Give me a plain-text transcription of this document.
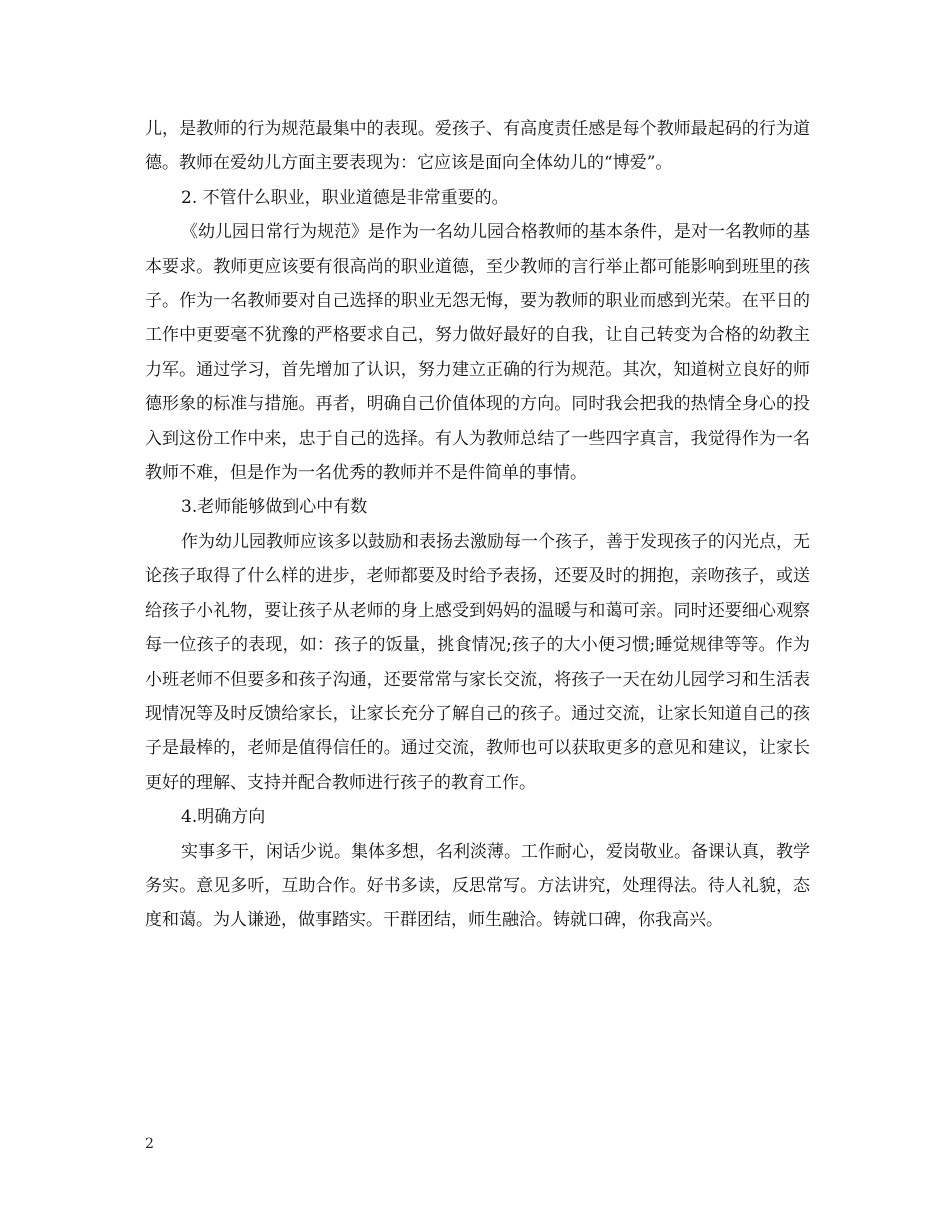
儿，是教师的行为规范最集中的表现。爱孩子、有高度责任感是每个教师最起码的行为道德。教师在爱幼儿方面主要表现为：它应该是面向全体幼儿的“博爱”。

2. 不管什么职业，职业道德是非常重要的。

《幼儿园日常行为规范》是作为一名幼儿园合格教师的基本条件，是对一名教师的基本要求。教师更应该要有很高尚的职业道德，至少教师的言行举止都可能影响到班里的孩子。作为一名教师要对自己选择的职业无怨无悔，要为教师的职业而感到光荣。在平日的工作中更要毫不犹豫的严格要求自己，努力做好最好的自我，让自己转变为合格的幼教主力军。通过学习，首先增加了认识，努力建立正确的行为规范。其次，知道树立良好的师德形象的标准与措施。再者，明确自己价值体现的方向。同时我会把我的热情全身心的投入到这份工作中来，忠于自己的选择。有人为教师总结了一些四字真言，我觉得作为一名教师不难，但是作为一名优秀的教师并不是件简单的事情。

3.老师能够做到心中有数

作为幼儿园教师应该多以鼓励和表扬去激励每一个孩子，善于发现孩子的闪光点，无论孩子取得了什么样的进步，老师都要及时给予表扬，还要及时的拥抱，亲吻孩子，或送给孩子小礼物，要让孩子从老师的身上感受到妈妈的温暖与和蔼可亲。同时还要细心观察每一位孩子的表现，如：孩子的饭量，挑食情况;孩子的大小便习惯;睡觉规律等等。作为小班老师不但要多和孩子沟通，还要常常与家长交流，将孩子一天在幼儿园学习和生活表现情况等及时反馈给家长，让家长充分了解自己的孩子。通过交流，让家长知道自己的孩子是最棒的，老师是值得信任的。通过交流，教师也可以获取更多的意见和建议，让家长更好的理解、支持并配合教师进行孩子的教育工作。

4.明确方向

实事多干，闲话少说。集体多想，名利淡薄。工作耐心，爱岗敬业。备课认真，教学务实。意见多听，互助合作。好书多读，反思常写。方法讲究，处理得法。待人礼貌，态度和蔼。为人谦逊，做事踏实。干群团结，师生融洽。铸就口碑，你我高兴。

2
